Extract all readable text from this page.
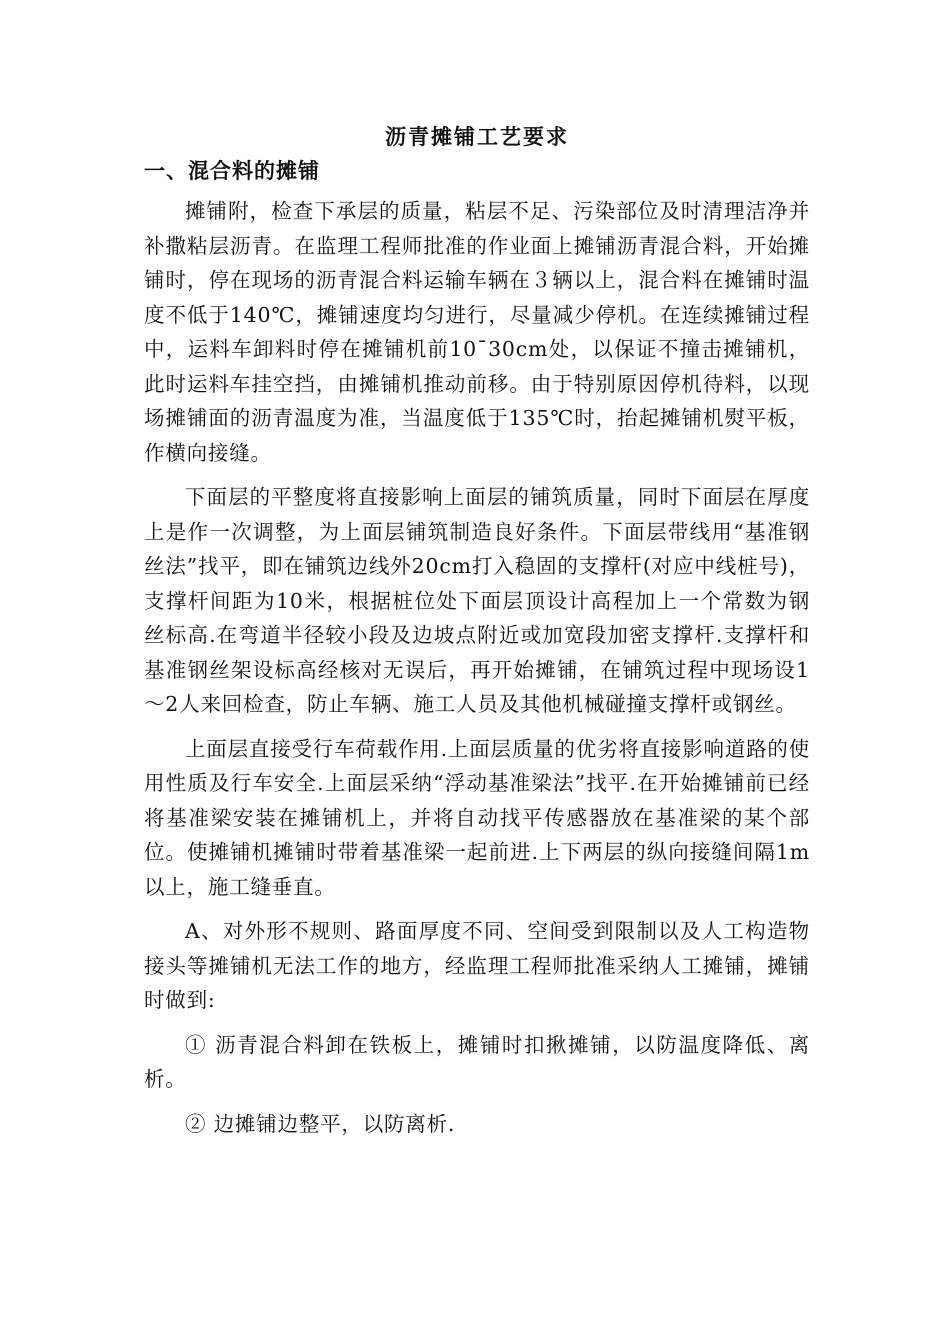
沥青摊铺工艺要求
一、混合料的摊铺

摊铺附，检查下承层的质量，粘层不足、污染部位及时清理洁净并补撒粘层沥青。在监理工程师批准的作业面上摊铺沥青混合料，开始摊铺时，停在现场的沥青混合料运输车辆在３辆以上，混合料在摊铺时温度不低于140℃，摊铺速度均匀进行，尽量减少停机。在连续摊铺过程中，运料车卸料时停在摊铺机前10¯30cm处，以保证不撞击摊铺机，此时运料车挂空挡，由摊铺机推动前移。由于特别原因停机待料，以现场摊铺面的沥青温度为准，当温度低于135℃时，抬起摊铺机熨平板，作横向接缝。

下面层的平整度将直接影响上面层的铺筑质量，同时下面层在厚度上是作一次调整，为上面层铺筑制造良好条件。下面层带线用“基准钢丝法”找平，即在铺筑边线外20cm打入稳固的支撑杆(对应中线桩号)，支撑杆间距为10米，根据桩位处下面层顶设计高程加上一个常数为钢丝标高.在弯道半径较小段及边坡点附近或加宽段加密支撑杆.支撑杆和基准钢丝架设标高经核对无误后，再开始摊铺，在铺筑过程中现场设1～2人来回检查，防止车辆、施工人员及其他机械碰撞支撑杆或钢丝。

上面层直接受行车荷载作用.上面层质量的优劣将直接影响道路的使用性质及行车安全.上面层采纳“浮动基准梁法”找平.在开始摊铺前已经将基准梁安装在摊铺机上，并将自动找平传感器放在基准梁的某个部位。使摊铺机摊铺时带着基准梁一起前进.上下两层的纵向接缝间隔1m以上，施工缝垂直。

A、对外形不规则、路面厚度不同、空间受到限制以及人工构造物接头等摊铺机无法工作的地方，经监理工程师批准采纳人工摊铺，摊铺时做到:

① 沥青混合料卸在铁板上，摊铺时扣揪摊铺，以防温度降低、离析。

② 边摊铺边整平，以防离析.
